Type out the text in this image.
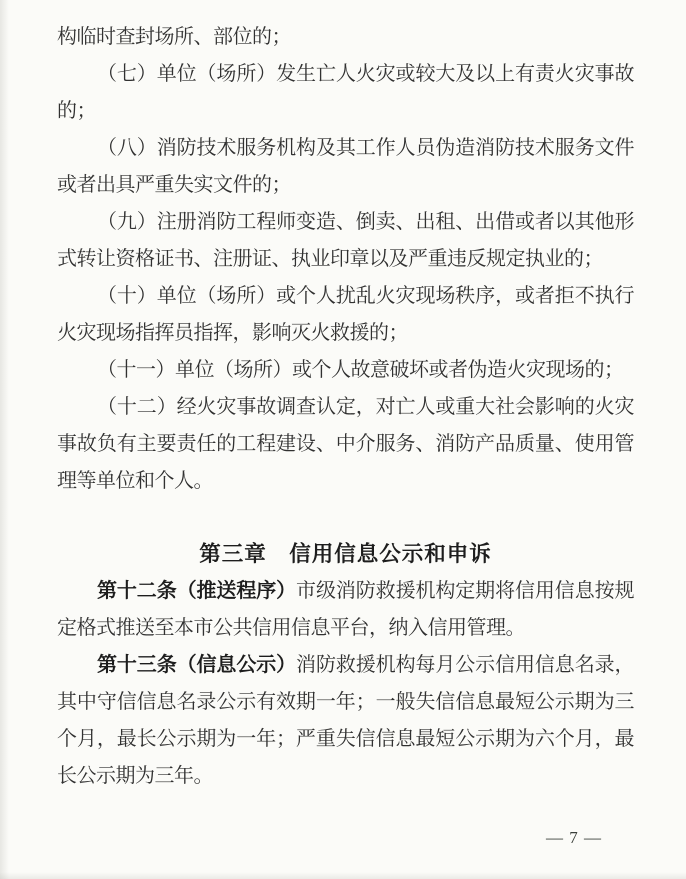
构临时查封场所、部位的；

（七）单位（场所）发生亡人火灾或较大及以上有责火灾事故的；

（八）消防技术服务机构及其工作人员伪造消防技术服务文件或者出具严重失实文件的；

（九）注册消防工程师变造、倒卖、出租、出借或者以其他形式转让资格证书、注册证、执业印章以及严重违反规定执业的；

（十）单位（场所）或个人扰乱火灾现场秩序，或者拒不执行火灾现场指挥员指挥，影响灭火救援的；

（十一）单位（场所）或个人故意破坏或者伪造火灾现场的；

（十二）经火灾事故调查认定，对亡人或重大社会影响的火灾事故负有主要责任的工程建设、中介服务、消防产品质量、使用管理等单位和个人。

第三章　信用信息公示和申诉

第十二条（推送程序）市级消防救援机构定期将信用信息按规定格式推送至本市公共信用信息平台，纳入信用管理。

第十三条（信息公示）消防救援机构每月公示信用信息名录，其中守信信息名录公示有效期一年；一般失信信息最短公示期为三个月，最长公示期为一年；严重失信信息最短公示期为六个月，最长公示期为三年。

— 7 —
